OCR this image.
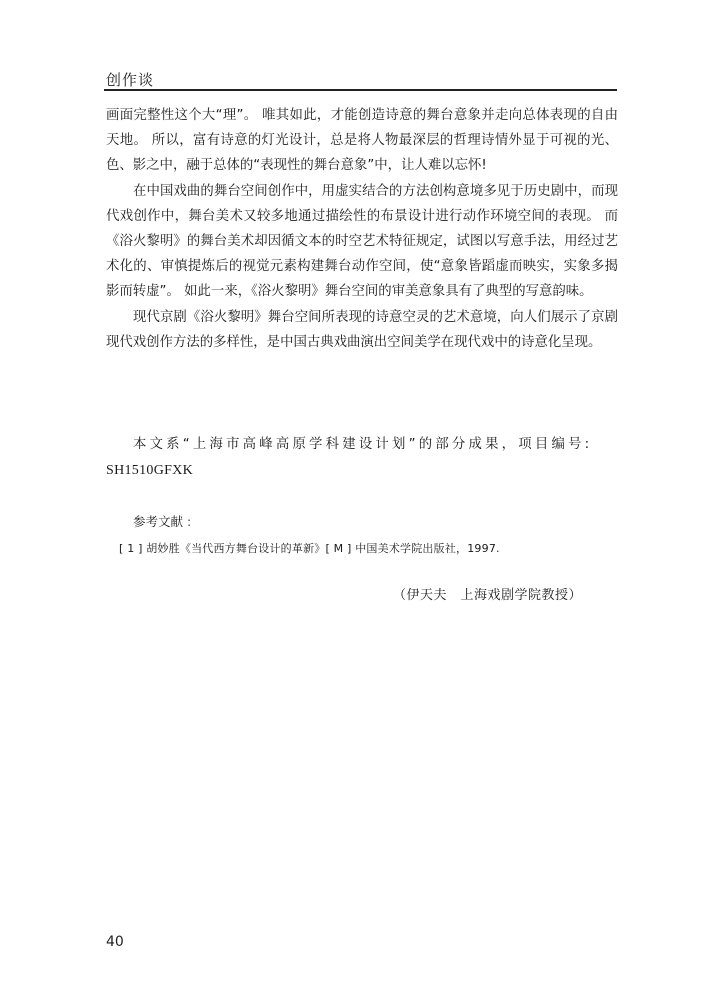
创作谈

画面完整性这个大“理”。 唯其如此，才能创造诗意的舞台意象并走向总体表现的自由天地。 所以，富有诗意的灯光设计，总是将人物最深层的哲理诗情外显于可视的光、色、影之中，融于总体的“表现性的舞台意象”中，让人难以忘怀!

在中国戏曲的舞台空间创作中，用虚实结合的方法创构意境多见于历史剧中，而现代戏创作中，舞台美术又较多地通过描绘性的布景设计进行动作环境空间的表现。 而《浴火黎明》的舞台美术却因循文本的时空艺术特征规定，试图以写意手法，用经过艺术化的、审慎提炼后的视觉元素构建舞台动作空间，使“意象皆蹈虚而映实，实象多揭影而转虚”。 如此一来，《浴火黎明》舞台空间的审美意象具有了典型的写意韵味。

现代京剧《浴火黎明》舞台空间所表现的诗意空灵的艺术意境，向人们展示了京剧现代戏创作方法的多样性，是中国古典戏曲演出空间美学在现代戏中的诗意化呈现。

本文系“上海市高峰高原学科建设计划”的部分成果，项目编号:
SH1510GFXK
参考文献 :
[ 1 ] 胡妙胜《当代西方舞台设计的革新》[ M ] 中国美术学院出版社，1997.
（伊天夫　上海戏剧学院教授）
40
